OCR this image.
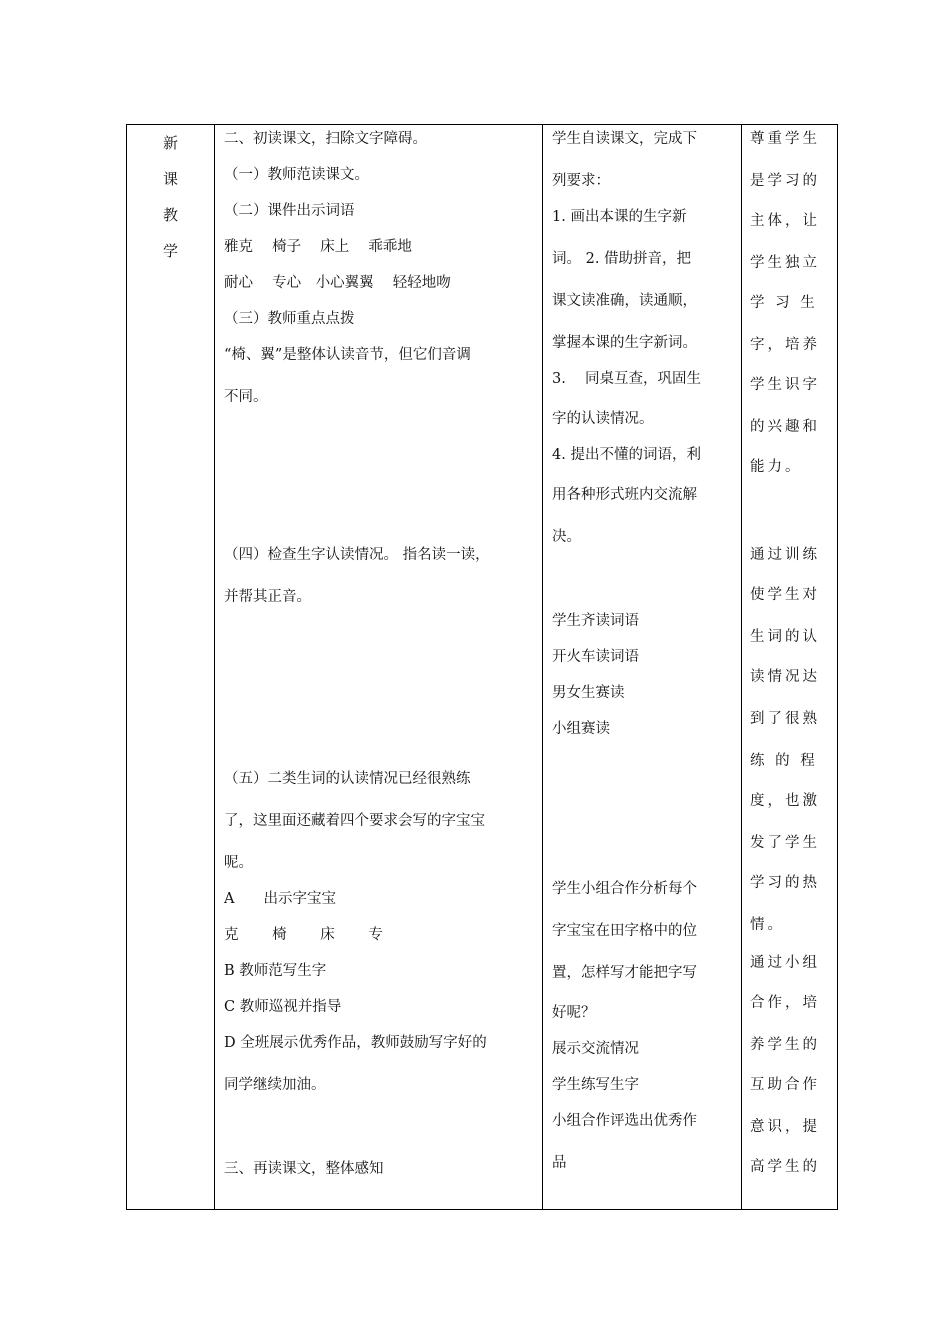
新
课
教
学

二、初读课文，扫除文字障碍。
（一）教师范读课文。
（二）课件出示词语
雅克　 椅子　 床上　 乖乖地
耐心　 专心　小心翼翼　 轻轻地吻
（三）教师重点点拨
“椅、翼”是整体认读音节，但它们音调
不同。
（四）检查生字认读情况。 指名读一读，
并帮其正音。
（五）二类生词的认读情况已经很熟练
了，这里面还藏着四个要求会写的字宝宝
呢。
A　　出示字宝宝
克　　 椅　　 床　　 专
B 教师范写生字
C 教师巡视并指导
D 全班展示优秀作品，教师鼓励写字好的
同学继续加油。
三、再读课文，整体感知

学生自读课文，完成下
列要求：
1. 画出本课的生字新
词。 2. 借助拼音，把
课文读准确，读通顺，
掌握本课的生字新词。
3.　 同桌互查，巩固生
字的认读情况。
4. 提出不懂的词语，利
用各种形式班内交流解
决。
学生齐读词语
开火车读词语
男女生赛读
小组赛读
学生小组合作分析每个
字宝宝在田字格中的位
置，怎样写才能把字写
好呢？
展示交流情况
学生练写生字
小组合作评选出优秀作
品

尊重学生
是学习的
主体，让
学生独立
学 习 生
字，培养
学生识字
的兴趣和
能力。
通过训练
使学生对
生词的认
读情况达
到了很熟
练 的 程
度，也激
发了学生
学习的热
情。
通过小组
合作，培
养学生的
互助合作
意识，提
高学生的
